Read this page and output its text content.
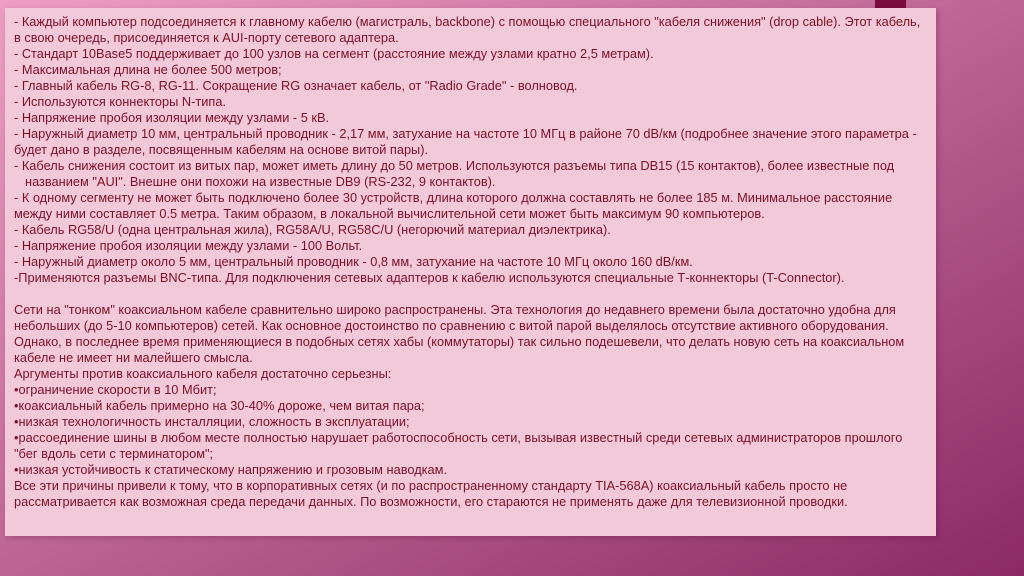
- Каждый компьютер подсоединяется к главному кабелю (магистраль, backbone) с помощью специального "кабеля снижения" (drop cable). Этот кабель, в свою очередь, присоединяется к AUI-порту сетевого адаптера.
- Стандарт 10Base5 поддерживает до 100 узлов на сегмент (расстояние между узлами кратно 2,5 метрам).
- Максимальная длина не более 500 метров;
- Главный кабель RG-8, RG-11. Сокращение RG означает кабель, от "Radio Grade" - волновод.
- Используются коннекторы N-типа.
- Напряжение пробоя изоляции между узлами - 5 кВ.
- Наружный диаметр 10 мм, центральный проводник - 2,17 мм, затухание на частоте 10 МГц в районе 70 dB/км (подробнее значение этого параметра - будет дано в разделе, посвященным кабелям на основе витой пары).
- Кабель снижения состоит из витых пар, может иметь длину до 50 метров. Используются разъемы типа DB15 (15 контактов), более известные под названием "AUI". Внешне они похожи на известные DB9 (RS-232, 9 контактов).
- К одному сегменту не может быть подключено более 30 устройств, длина которого должна составлять не более 185 м. Минимальное расстояние между ними составляет 0.5 метра. Таким образом, в локальной вычислительной сети может быть максимум 90 компьютеров.
- Кабель RG58/U (одна центральная жила), RG58A/U, RG58C/U (негорючий материал диэлектрика).
- Напряжение пробоя изоляции между узлами - 100 Вольт.
- Наружный диаметр около 5 мм, центральный проводник - 0,8 мм, затухание на частоте 10 МГц около 160 dB/км.
-Применяются разъемы BNC-типа. Для подключения сетевых адаптеров к кабелю используются специальные Т-коннекторы (T-Connector).
Сети на "тонком" коаксиальном кабеле сравнительно широко распространены. Эта технология до недавнего времени была достаточно удобна для небольших (до 5-10 компьютеров) сетей. Как основное достоинство по сравнению с витой парой выделялось отсутствие активного оборудования. Однако, в последнее время применяющиеся в подобных сетях хабы (коммутаторы) так сильно подешевели, что делать новую сеть на коаксиальном кабеле не имеет ни малейшего смысла.
Аргументы против коаксиального кабеля достаточно серьезны:
•ограничение скорости в 10 Мбит;
•коаксиальный кабель примерно на 30-40% дороже, чем витая пара;
•низкая технологичность инсталляции, сложность в эксплуатации;
•рассоединение шины в любом месте полностью нарушает работоспособность сети, вызывая известный среди сетевых администраторов прошлого "бег вдоль сети с терминатором";
•низкая устойчивость к статическому напряжению и грозовым наводкам.
Все эти причины привели к тому, что в корпоративных сетях (и по распространенному стандарту TIA-568A) коаксиальный кабель просто не рассматривается как возможная среда передачи данных. По возможности, его стараются не применять даже для телевизионной проводки.
